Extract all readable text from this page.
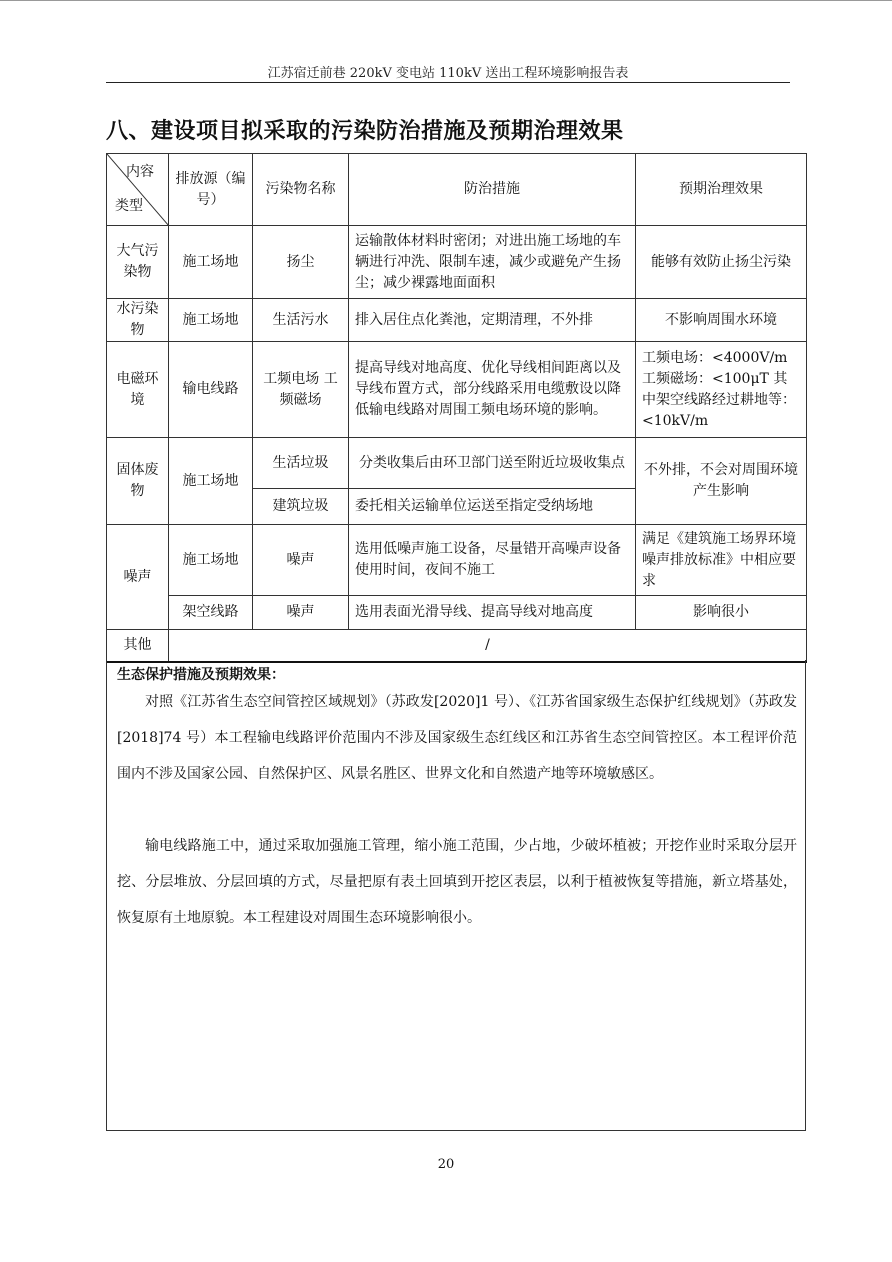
江苏宿迁前巷 220kV 变电站 110kV 送出工程环境影响报告表
八、建设项目拟采取的污染防治措施及预期治理效果
内容
类型	排放源（编号）	污染物名称	防治措施	预期治理效果
大气污染物	施工场地	扬尘	运输散体材料时密闭；对进出施工场地的车辆进行冲洗、限制车速，减少或避免产生扬尘；减少裸露地面面积	能够有效防止扬尘污染
水污染物	施工场地	生活污水	排入居住点化粪池，定期清理，不外排	不影响周围水环境
电磁环境	输电线路	工频电场 工频磁场	提高导线对地高度、优化导线相间距离以及导线布置方式，部分线路采用电缆敷设以降低输电线路对周围工频电场环境的影响。	工频电场：<4000V/m 工频磁场：<100μT 其中架空线路经过耕地等：<10kV/m
固体废物	施工场地	生活垃圾	分类收集后由环卫部门送至附近垃圾收集点	不外排，不会对周围环境产生影响
		建筑垃圾	委托相关运输单位运送至指定受纳场地	
噪声	施工场地	噪声	选用低噪声施工设备，尽量错开高噪声设备使用时间，夜间不施工	满足《建筑施工场界环境噪声排放标准》中相应要求
	架空线路	噪声	选用表面光滑导线、提高导线对地高度	影响很小
其他	/			
生态保护措施及预期效果：
对照《江苏省生态空间管控区域规划》（苏政发[2020]1 号）、《江苏省国家级生态保护红线规划》（苏政发[2018]74 号）本工程输电线路评价范围内不涉及国家级生态红线区和江苏省生态空间管控区。本工程评价范围内不涉及国家公园、自然保护区、风景名胜区、世界文化和自然遗产地等环境敏感区。
输电线路施工中，通过采取加强施工管理，缩小施工范围，少占地，少破坏植被；开挖作业时采取分层开挖、分层堆放、分层回填的方式，尽量把原有表土回填到开挖区表层，以利于植被恢复等措施，新立塔基处，恢复原有土地原貌。本工程建设对周围生态环境影响很小。
20
